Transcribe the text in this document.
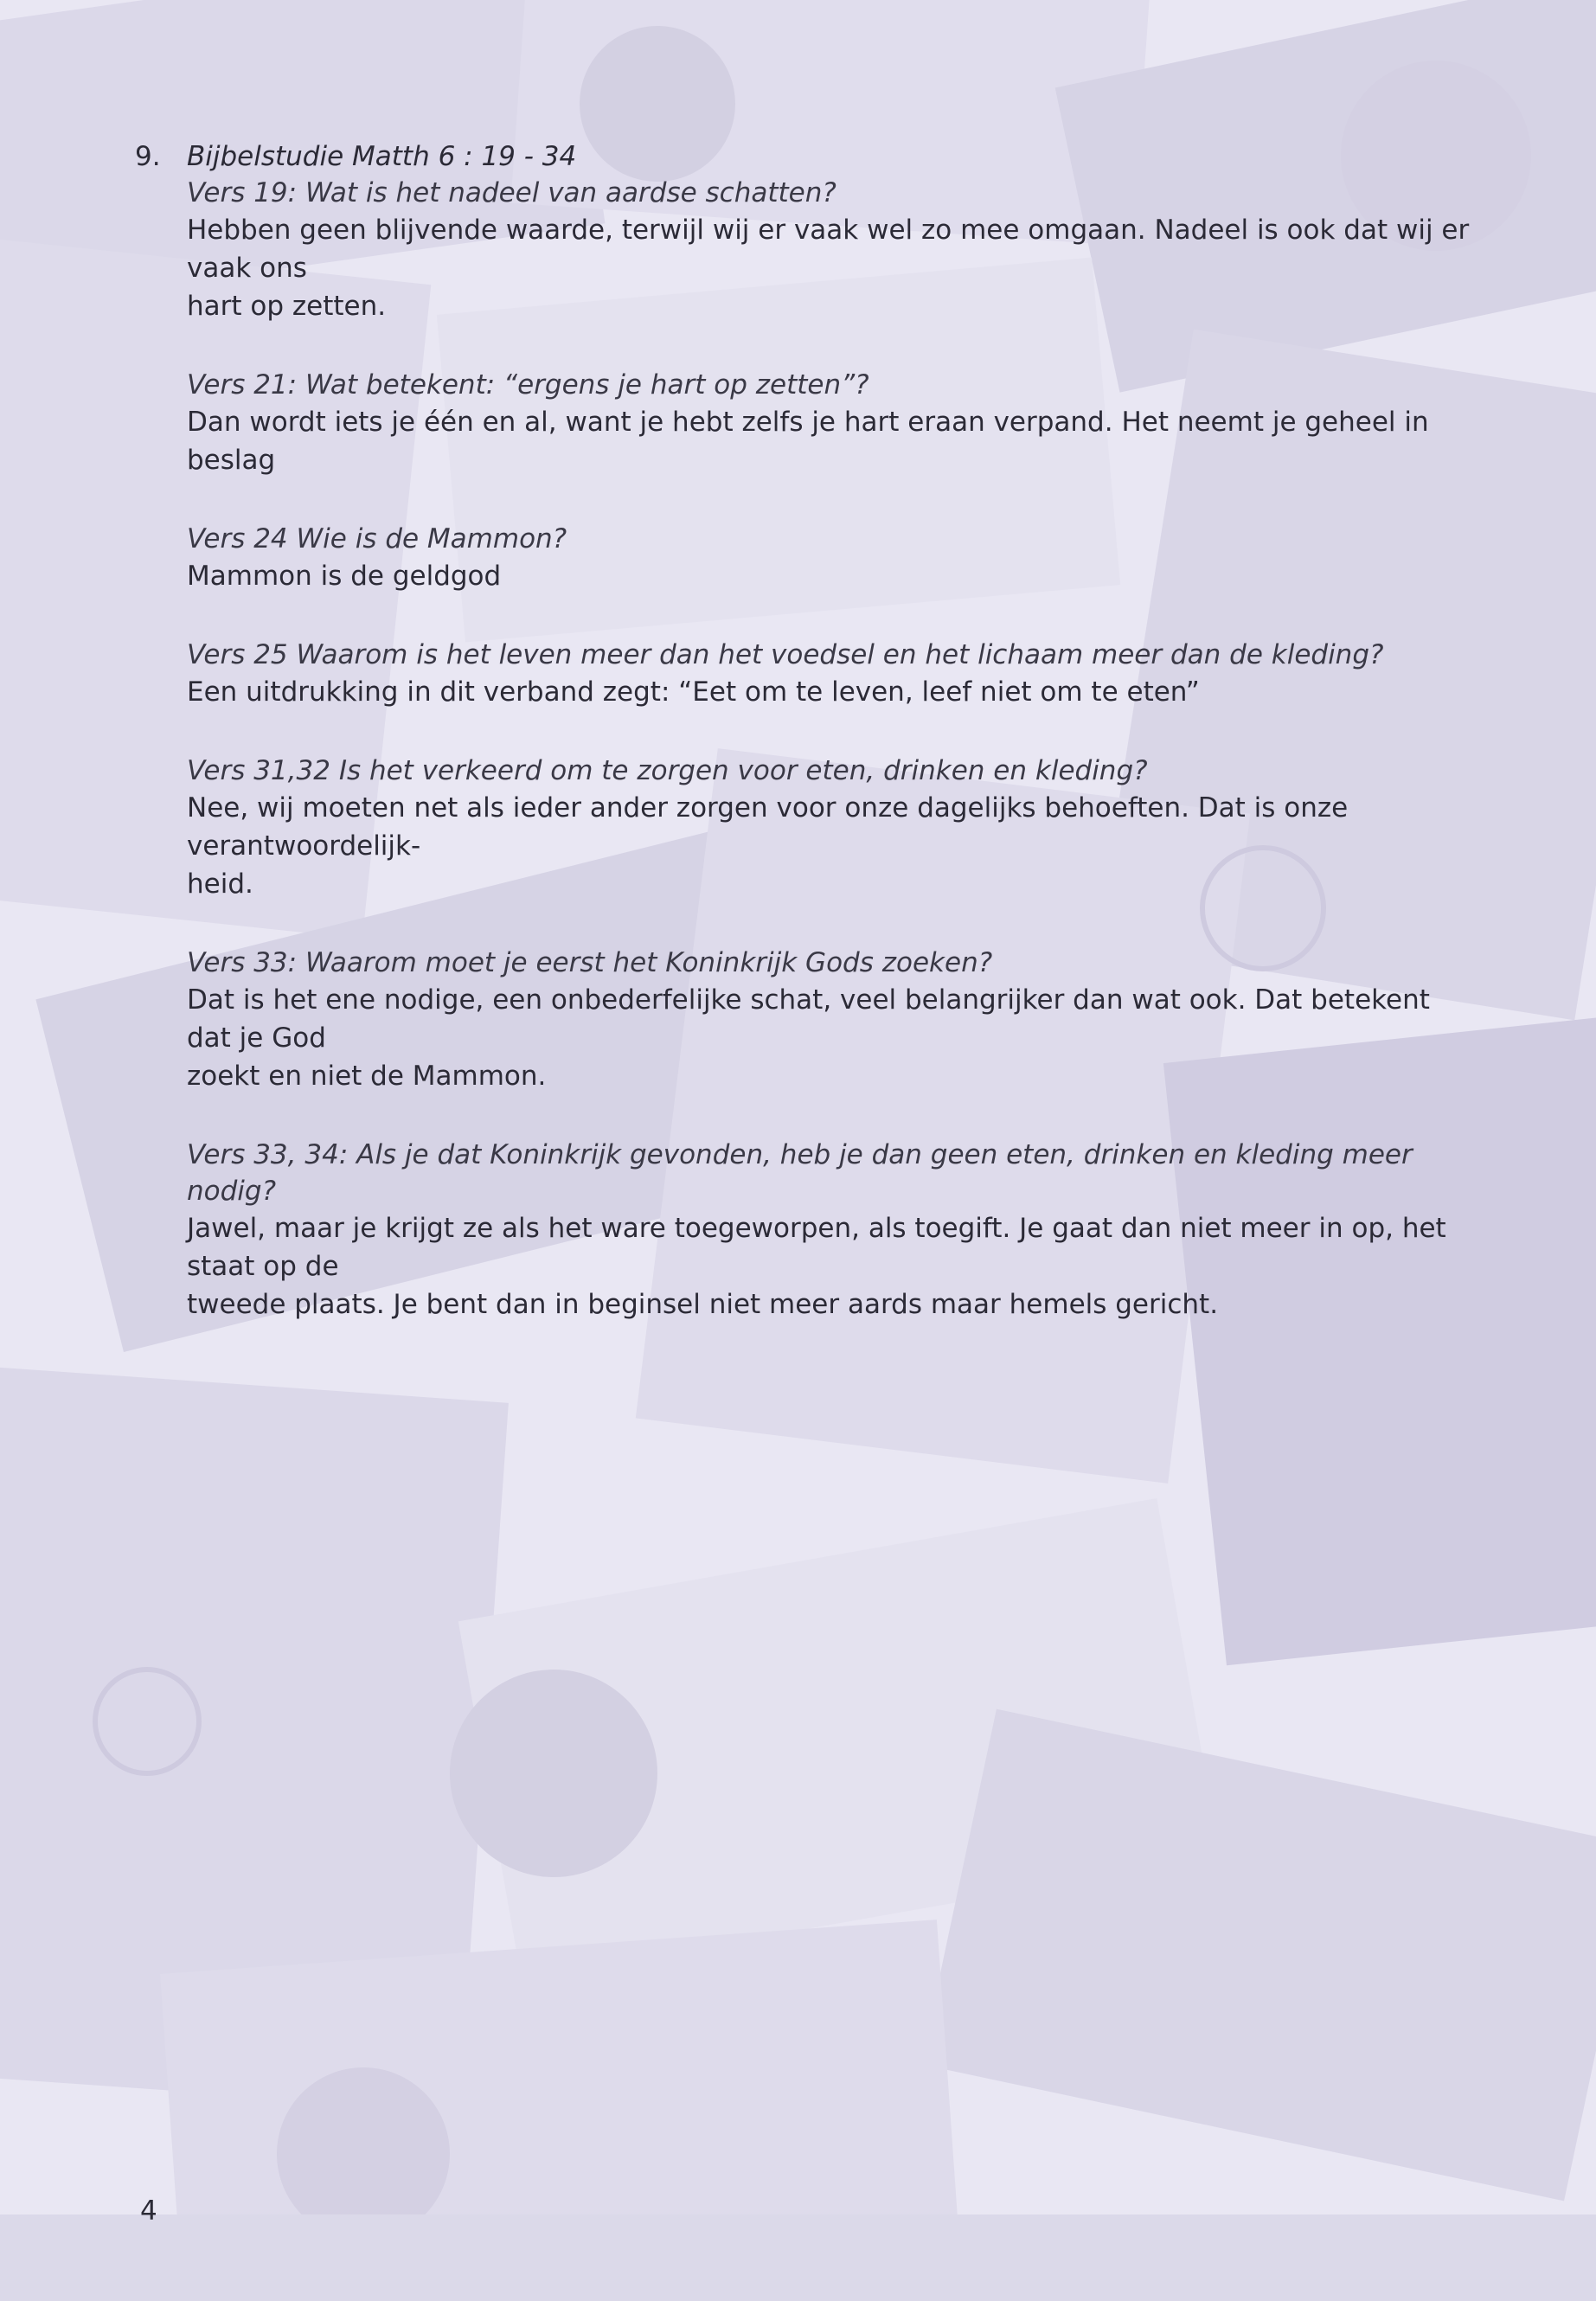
9. Bijbelstudie Matth 6 : 19 - 34
Vers 19: Wat is het nadeel van aardse schatten?
Hebben geen blijvende waarde, terwijl wij er vaak wel zo mee omgaan. Nadeel is ook dat wij er vaak ons
hart op zetten.
Vers 21: Wat betekent: “ergens je hart op zetten”?
Dan wordt iets je één en al, want je hebt zelfs je hart eraan verpand. Het neemt je geheel in beslag
Vers 24 Wie is de Mammon?
Mammon is de geldgod
Vers 25 Waarom is het leven meer dan het voedsel en het lichaam meer dan de kleding?
Een uitdrukking in dit verband zegt: “Eet om te leven, leef niet om te eten”
Vers 31,32 Is het verkeerd om te zorgen voor eten, drinken en kleding?
Nee, wij moeten net als ieder ander zorgen voor onze dagelijks behoeften. Dat is onze verantwoordelijk-
heid.
Vers 33: Waarom moet je eerst het Koninkrijk Gods zoeken?
Dat is het ene nodige, een onbederfelijke schat, veel belangrijker dan wat ook. Dat betekent dat je God
zoekt en niet de Mammon.
Vers 33, 34: Als je dat Koninkrijk gevonden, heb je dan geen eten, drinken en kleding meer nodig?
Jawel, maar je krijgt ze als het ware toegeworpen, als toegift. Je gaat dan niet meer in op, het staat op de
tweede plaats. Je bent dan in beginsel niet meer aards maar hemels gericht.
4
